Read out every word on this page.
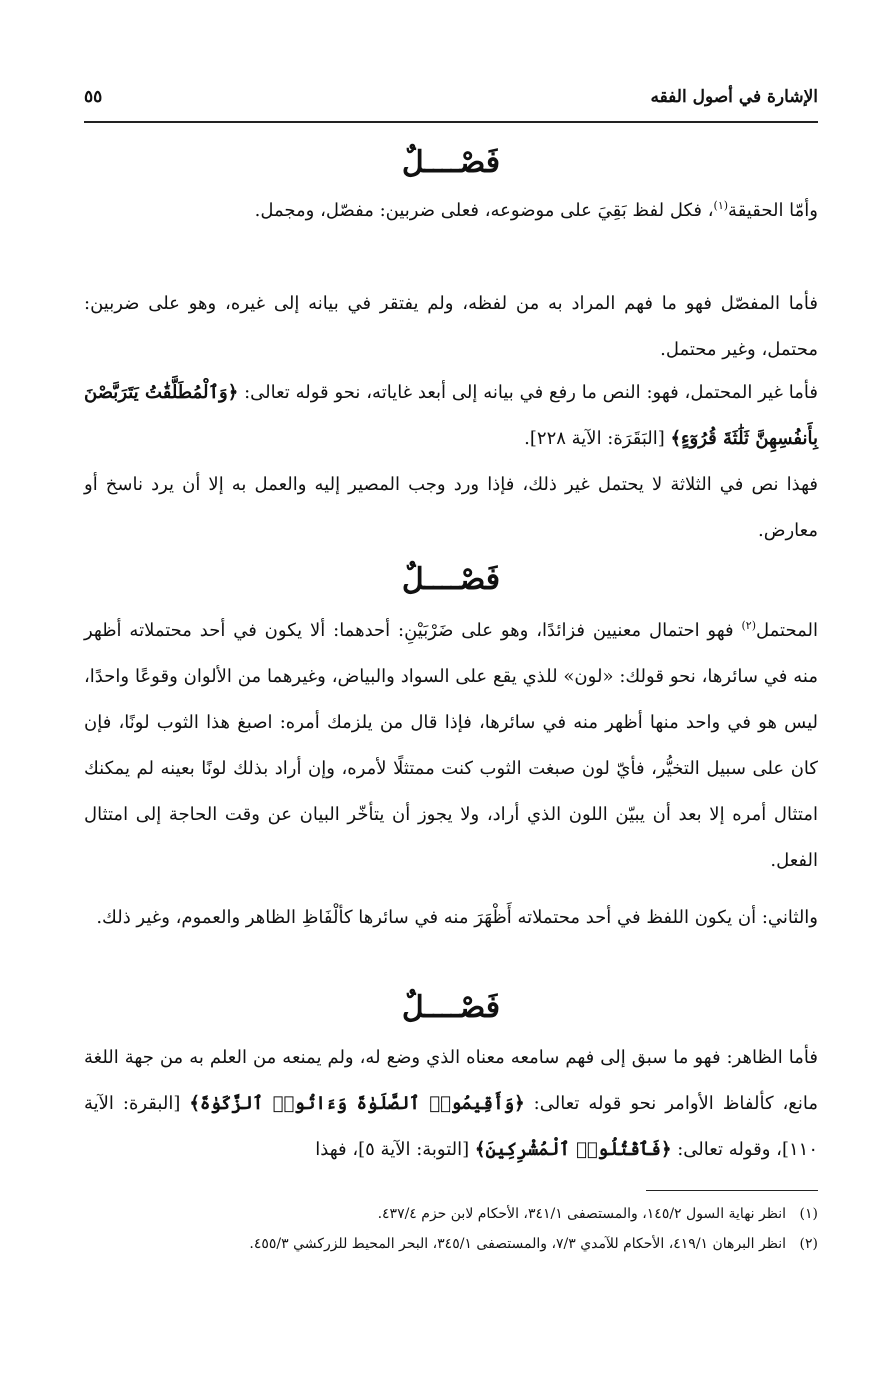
الإشارة في أصول الفقه
٥٥
فَصْــــلٌ

وأمّا الحقيقة$^{(١)}$، فكل لفظ بَقِيَ على موضوعه، فعلى ضربين: مفصّل، ومجمل.

فأما المفصّل فهو ما فهم المراد به من لفظه، ولم يفتقر في بيانه إلى غيره، وهو على ضربين: محتمل، وغير محتمل.

فأما غير المحتمل، فهو: النص ما رفع في بيانه إلى أبعد غاياته، نحو قوله تعالى: ﴿وَٱلْمُطَلَّقَٰتُ يَتَرَبَّصْنَ بِأَنفُسِهِنَّ ثَلَٰثَةَ قُرُوٓءٍ﴾ [البَقَرَة: الآية ٢٢٨].

فهذا نص في الثلاثة لا يحتمل غير ذلك، فإذا ورد وجب المصير إليه والعمل به إلا أن يرد ناسخ أو معارض.

فَصْــــلٌ

المحتمل$^{(٢)}$ فهو احتمال معنيين فزائدًا، وهو على ضَرْبَيْنِ: أحدهما: ألا يكون في أحد محتملاته أظهر منه في سائرها، نحو قولك: «لون» للذي يقع على السواد والبياض، وغيرهما من الألوان وقوعًا واحدًا، ليس هو في واحد منها أظهر منه في سائرها، فإذا قال من يلزمك أمره: اصبغ هذا الثوب لونًا، فإن كان على سبيل التخيُّر، فأيّ لون صبغت الثوب كنت ممتثلًا لأمره، وإن أراد بذلك لونًا بعينه لم يمكنك امتثال أمره إلا بعد أن يبيّن اللون الذي أراد، ولا يجوز أن يتأخّر البيان عن وقت الحاجة إلى امتثال الفعل.

والثاني: أن يكون اللفظ في أحد محتملاته أَظْهَرَ منه في سائرها كألْفَاظِ الظاهر والعموم، وغير ذلك.

فَصْــــلٌ

فأما الظاهر: فهو ما سبق إلى فهم سامعه معناه الذي وضع له، ولم يمنعه من العلم به من جهة اللغة مانع، كألفاظ الأوامر نحو قوله تعالى: ﴿وَأَقِيمُوا۟ ٱلصَّلَوٰةَ وَءَاتُوا۟ ٱلزَّكَوٰةَ﴾ [البقرة: الآية ١١٠]، وقوله تعالى: ﴿فَٱقْتُلُوا۟ ٱلْمُشْرِكِينَ﴾ [التوبة: الآية ٥]، فهذا

(١)انظر نهاية السول ١٤٥/٢، والمستصفى ٣٤١/١، الأحكام لابن حزم ٤٣٧/٤.
(٢)انظر البرهان ٤١٩/١، الأحكام للآمدي ٧/٣، والمستصفى ٣٤٥/١، البحر المحيط للزركشي ٤٥٥/٣.
